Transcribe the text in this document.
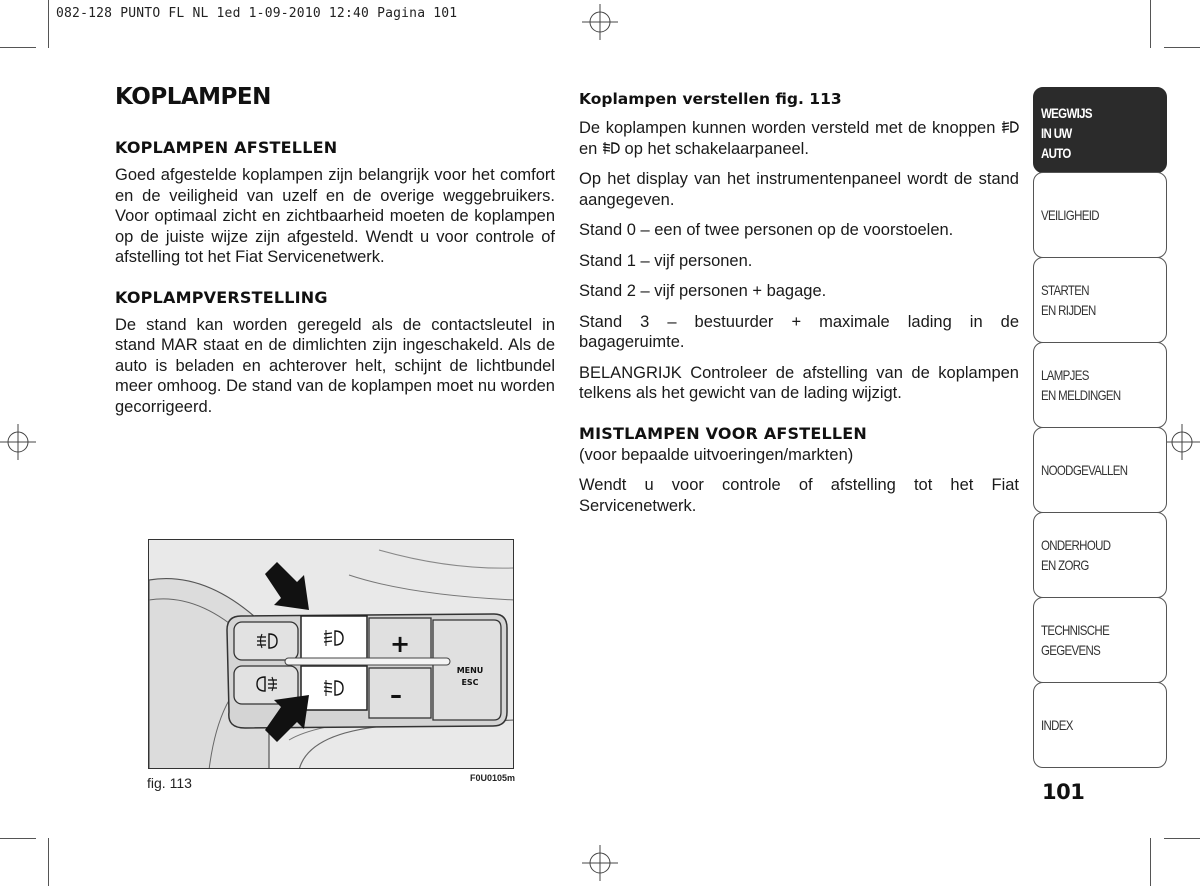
082-128 PUNTO FL NL 1ed 1-09-2010 12:40 Pagina 101
KOPLAMPEN
KOPLAMPEN AFSTELLEN

Goed afgestelde koplampen zijn belangrijk voor het comfort en de veiligheid van uzelf en de overige weggebruikers. Voor optimaal zicht en zichtbaarheid moeten de koplampen op de juiste wijze zijn afgesteld. Wendt u voor controle of afstelling tot het Fiat Servicenetwerk.

KOPLAMPVERSTELLING

De stand kan worden geregeld als de contactsleutel in stand MAR staat en de dimlichten zijn ingeschakeld. Als de auto is beladen en achterover helt, schijnt de lichtbundel meer omhoog. De stand van de koplampen moet nu worden gecorrigeerd.

Koplampen verstellen fig. 113

De koplampen kunnen worden versteld met de knoppen  en op het schakelaarpaneel.

Op het display van het instrumentenpaneel wordt de stand aangegeven.

Stand 0 – een of twee personen op de voorstoelen.

Stand 1 – vijf personen.

Stand 2 – vijf personen + bagage.

Stand 3 – bestuurder + maximale lading in de bagageruimte.

BELANGRIJK Controleer de afstelling van de koplampen telkens als het gewicht van de lading wijzigt.

MISTLAMPEN VOOR AFSTELLEN

(voor bepaalde uitvoeringen/markten)

Wendt u voor controle of afstelling tot het Fiat Servicenetwerk.

WEGWIJS
IN UW
AUTO
VEILIGHEID
STARTEN
EN RIJDEN
LAMPJES
EN MELDINGEN
NOODGEVALLEN
ONDERHOUD
EN ZORG
TECHNISCHE
GEGEVENS
INDEX
101
+
–
MENU
ESC
fig. 113	F0U0105m
